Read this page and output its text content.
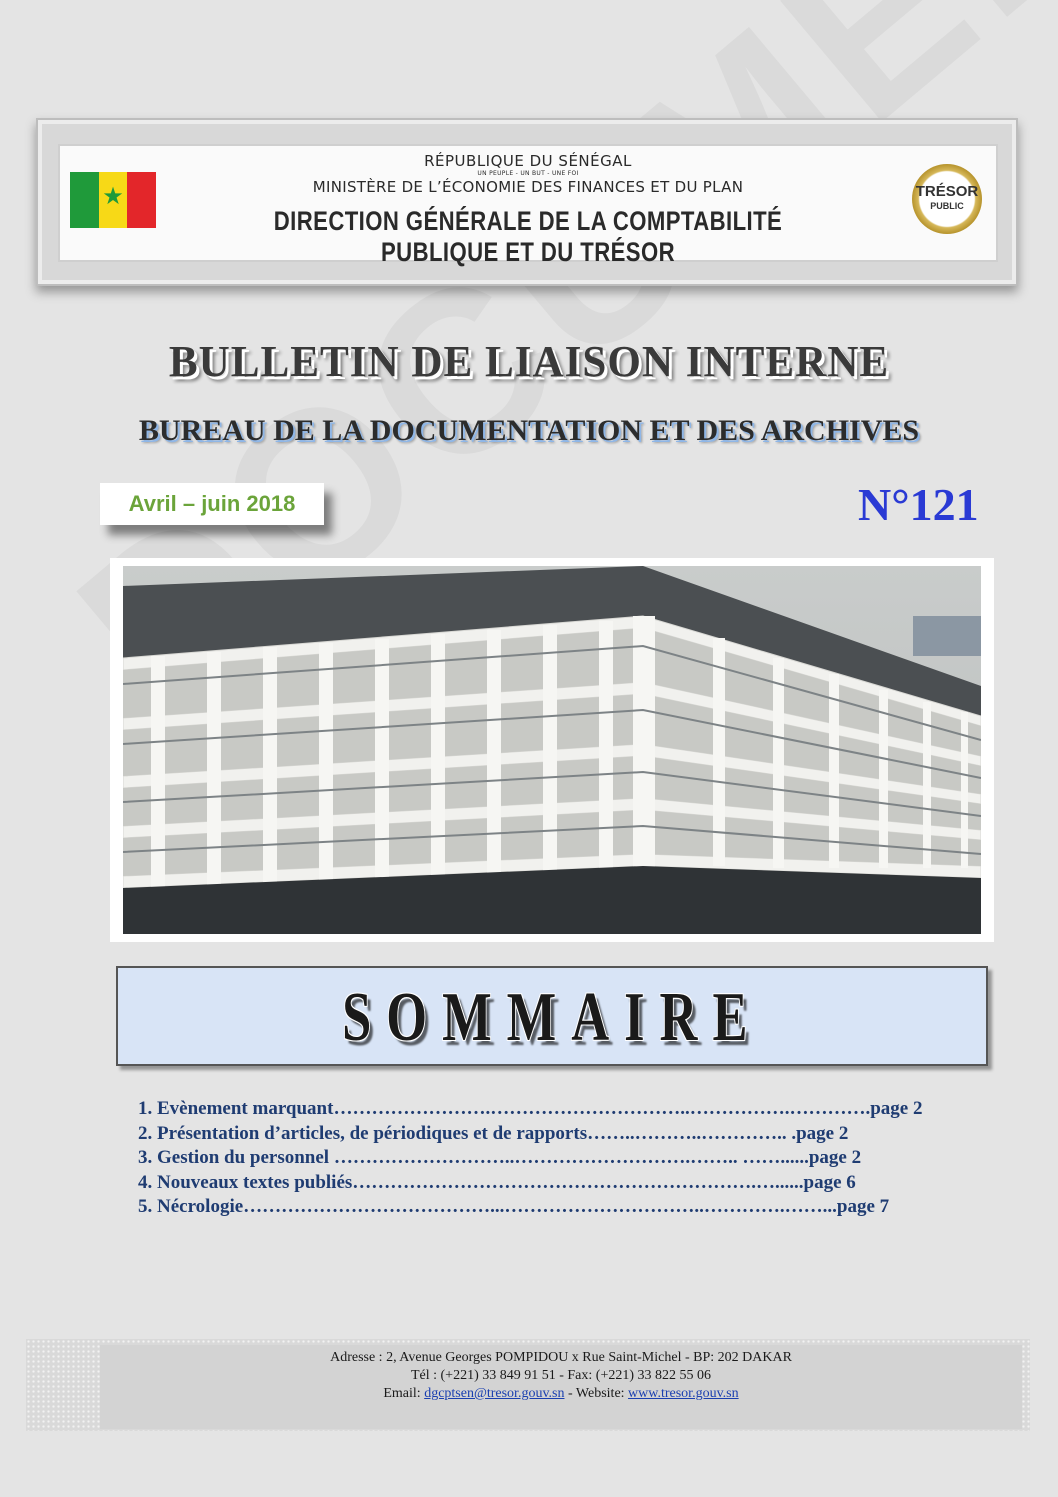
★
RÉPUBLIQUE DU SÉNÉGAL
UN PEUPLE - UN BUT - UNE FOI
MINISTÈRE DE L’ÉCONOMIE DES FINANCES ET DU PLAN
DIRECTION GÉNÉRALE DE LA COMPTABILITÉ PUBLIQUE ET DU TRÉSOR
TRÉSOR
PUBLIC
BULLETIN DE LIAISON INTERNE
BUREAU DE LA DOCUMENTATION ET DES ARCHIVES
Avril – juin 2018	N°121
SOMMAIRE
1. Evènement marquant…………………….…………………………..…………….………….page 2
2. Présentation d’articles, de périodiques et de rapports……..………..………….. .page 2
3. Gestion du personnel ………………………..……………………….…….. ……......page 2
4. Nouveaux textes publiés……………………………………………………….…......page 6
5. Nécrologie…………………………………...…………………………..………….……...page 7
Adresse : 2, Avenue Georges POMPIDOU x Rue Saint-Michel - BP: 202 DAKAR
Tél : (+221) 33 849 91 51 - Fax: (+221) 33 822 55 06
Email: dgcptsen@tresor.gouv.sn - Website: www.tresor.gouv.sn
